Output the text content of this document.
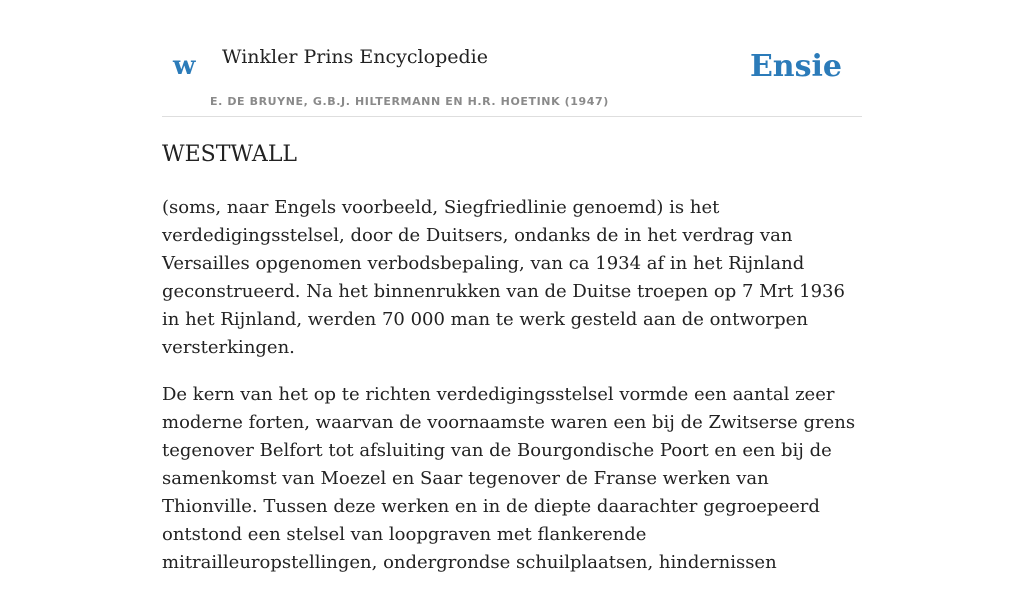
w Winkler Prins Encyclopedie
E. DE BRUYNE, G.B.J. HILTERMANN EN H.R. HOETINK (1947)
Ensie
WESTWALL

(soms, naar Engels voorbeeld, Siegfriedlinie genoemd) is het verdedigingsstelsel, door de Duitsers, ondanks de in het verdrag van Versailles opgenomen verbodsbepaling, van ca 1934 af in het Rijnland geconstrueerd. Na het binnenrukken van de Duitse troepen op 7 Mrt 1936 in het Rijnland, werden 70 000 man te werk gesteld aan de ontworpen versterkingen.

De kern van het op te richten verdedigingsstelsel vormde een aantal zeer moderne forten, waarvan de voornaamste waren een bij de Zwitserse grens tegenover Belfort tot afsluiting van de Bourgondische Poort en een bij de samenkomst van Moezel en Saar tegenover de Franse werken van Thionville. Tussen deze werken en in de diepte daarachter gegroepeerd ontstond een stelsel van loopgraven met flankerende mitrailleuropstellingen, ondergrondse schuilplaatsen, hindernissen
